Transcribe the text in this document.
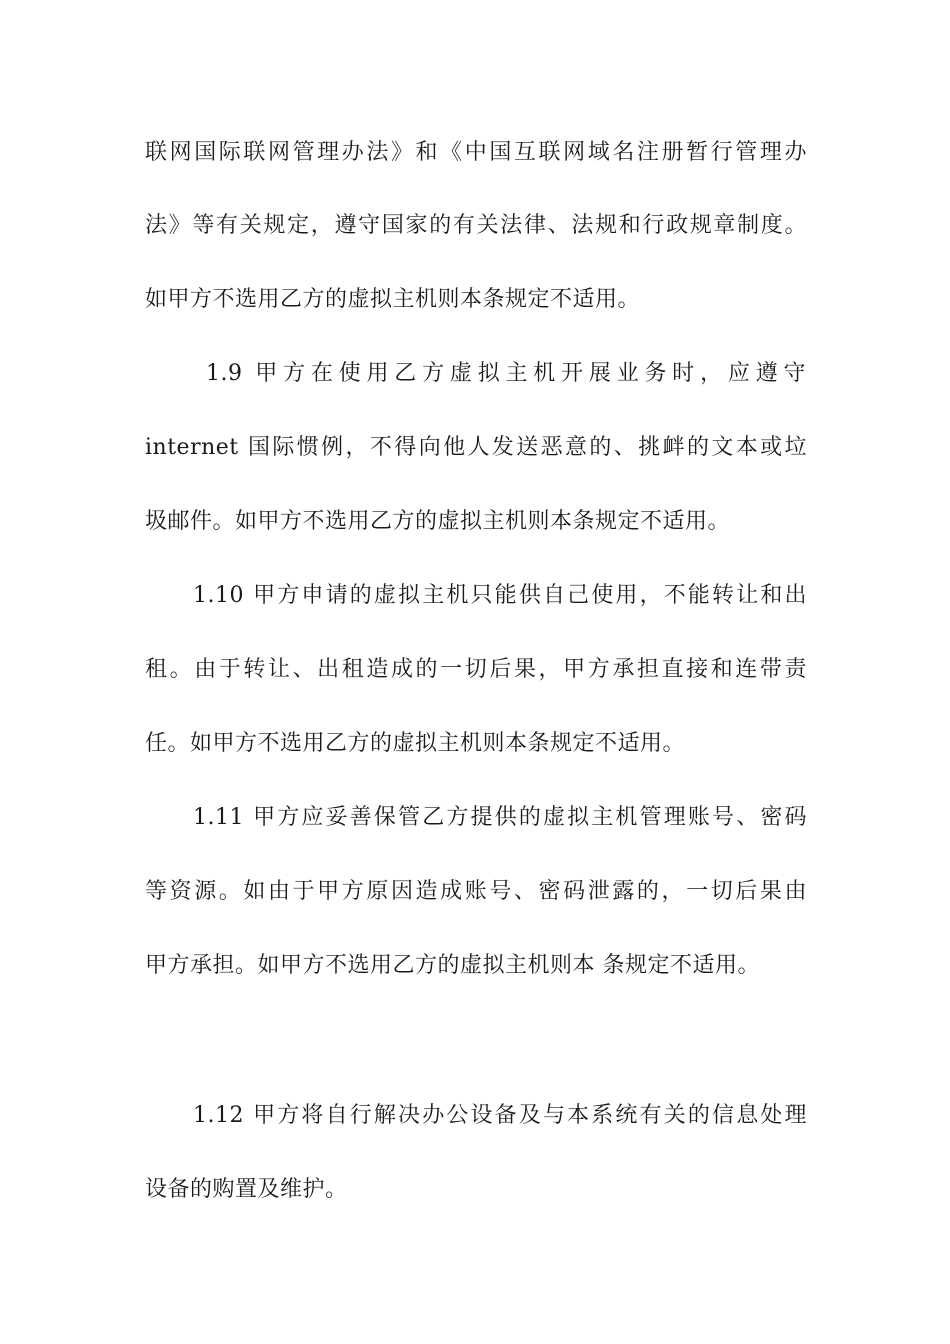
联网国际联网管理办法》和《中国互联网域名注册暂行管理办
法》等有关规定，遵守国家的有关法律、法规和行政规章制度。
如甲方不选用乙方的虚拟主机则本条规定不适用。
1.9 甲方在使用乙方虚拟主机开展业务时，应遵守
internet 国际惯例，不得向他人发送恶意的、挑衅的文本或垃
圾邮件。如甲方不选用乙方的虚拟主机则本条规定不适用。
1.10 甲方申请的虚拟主机只能供自己使用，不能转让和出
租。由于转让、出租造成的一切后果，甲方承担直接和连带责
任。如甲方不选用乙方的虚拟主机则本条规定不适用。
1.11 甲方应妥善保管乙方提供的虚拟主机管理账号、密码
等资源。如由于甲方原因造成账号、密码泄露的，一切后果由
甲方承担。如甲方不选用乙方的虚拟主机则本 条规定不适用。
1.12 甲方将自行解决办公设备及与本系统有关的信息处理
设备的购置及维护。
